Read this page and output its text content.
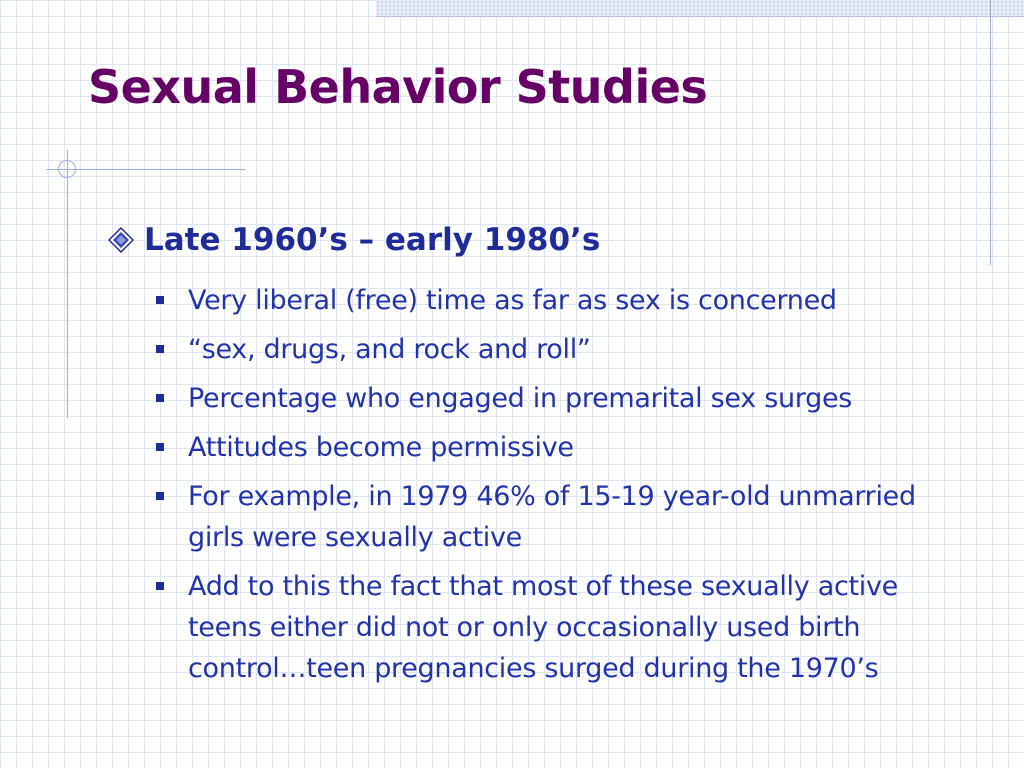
Sexual Behavior Studies
Late 1960’s – early 1980’s
Very liberal (free) time as far as sex is concerned
“sex, drugs, and rock and roll”
Percentage who engaged in premarital sex surges
Attitudes become permissive
For example, in 1979 46% of 15-19 year-old unmarried girls were sexually active
Add to this the fact that most of these sexually active teens either did not or only occasionally used birth control…teen pregnancies surged during the 1970’s
